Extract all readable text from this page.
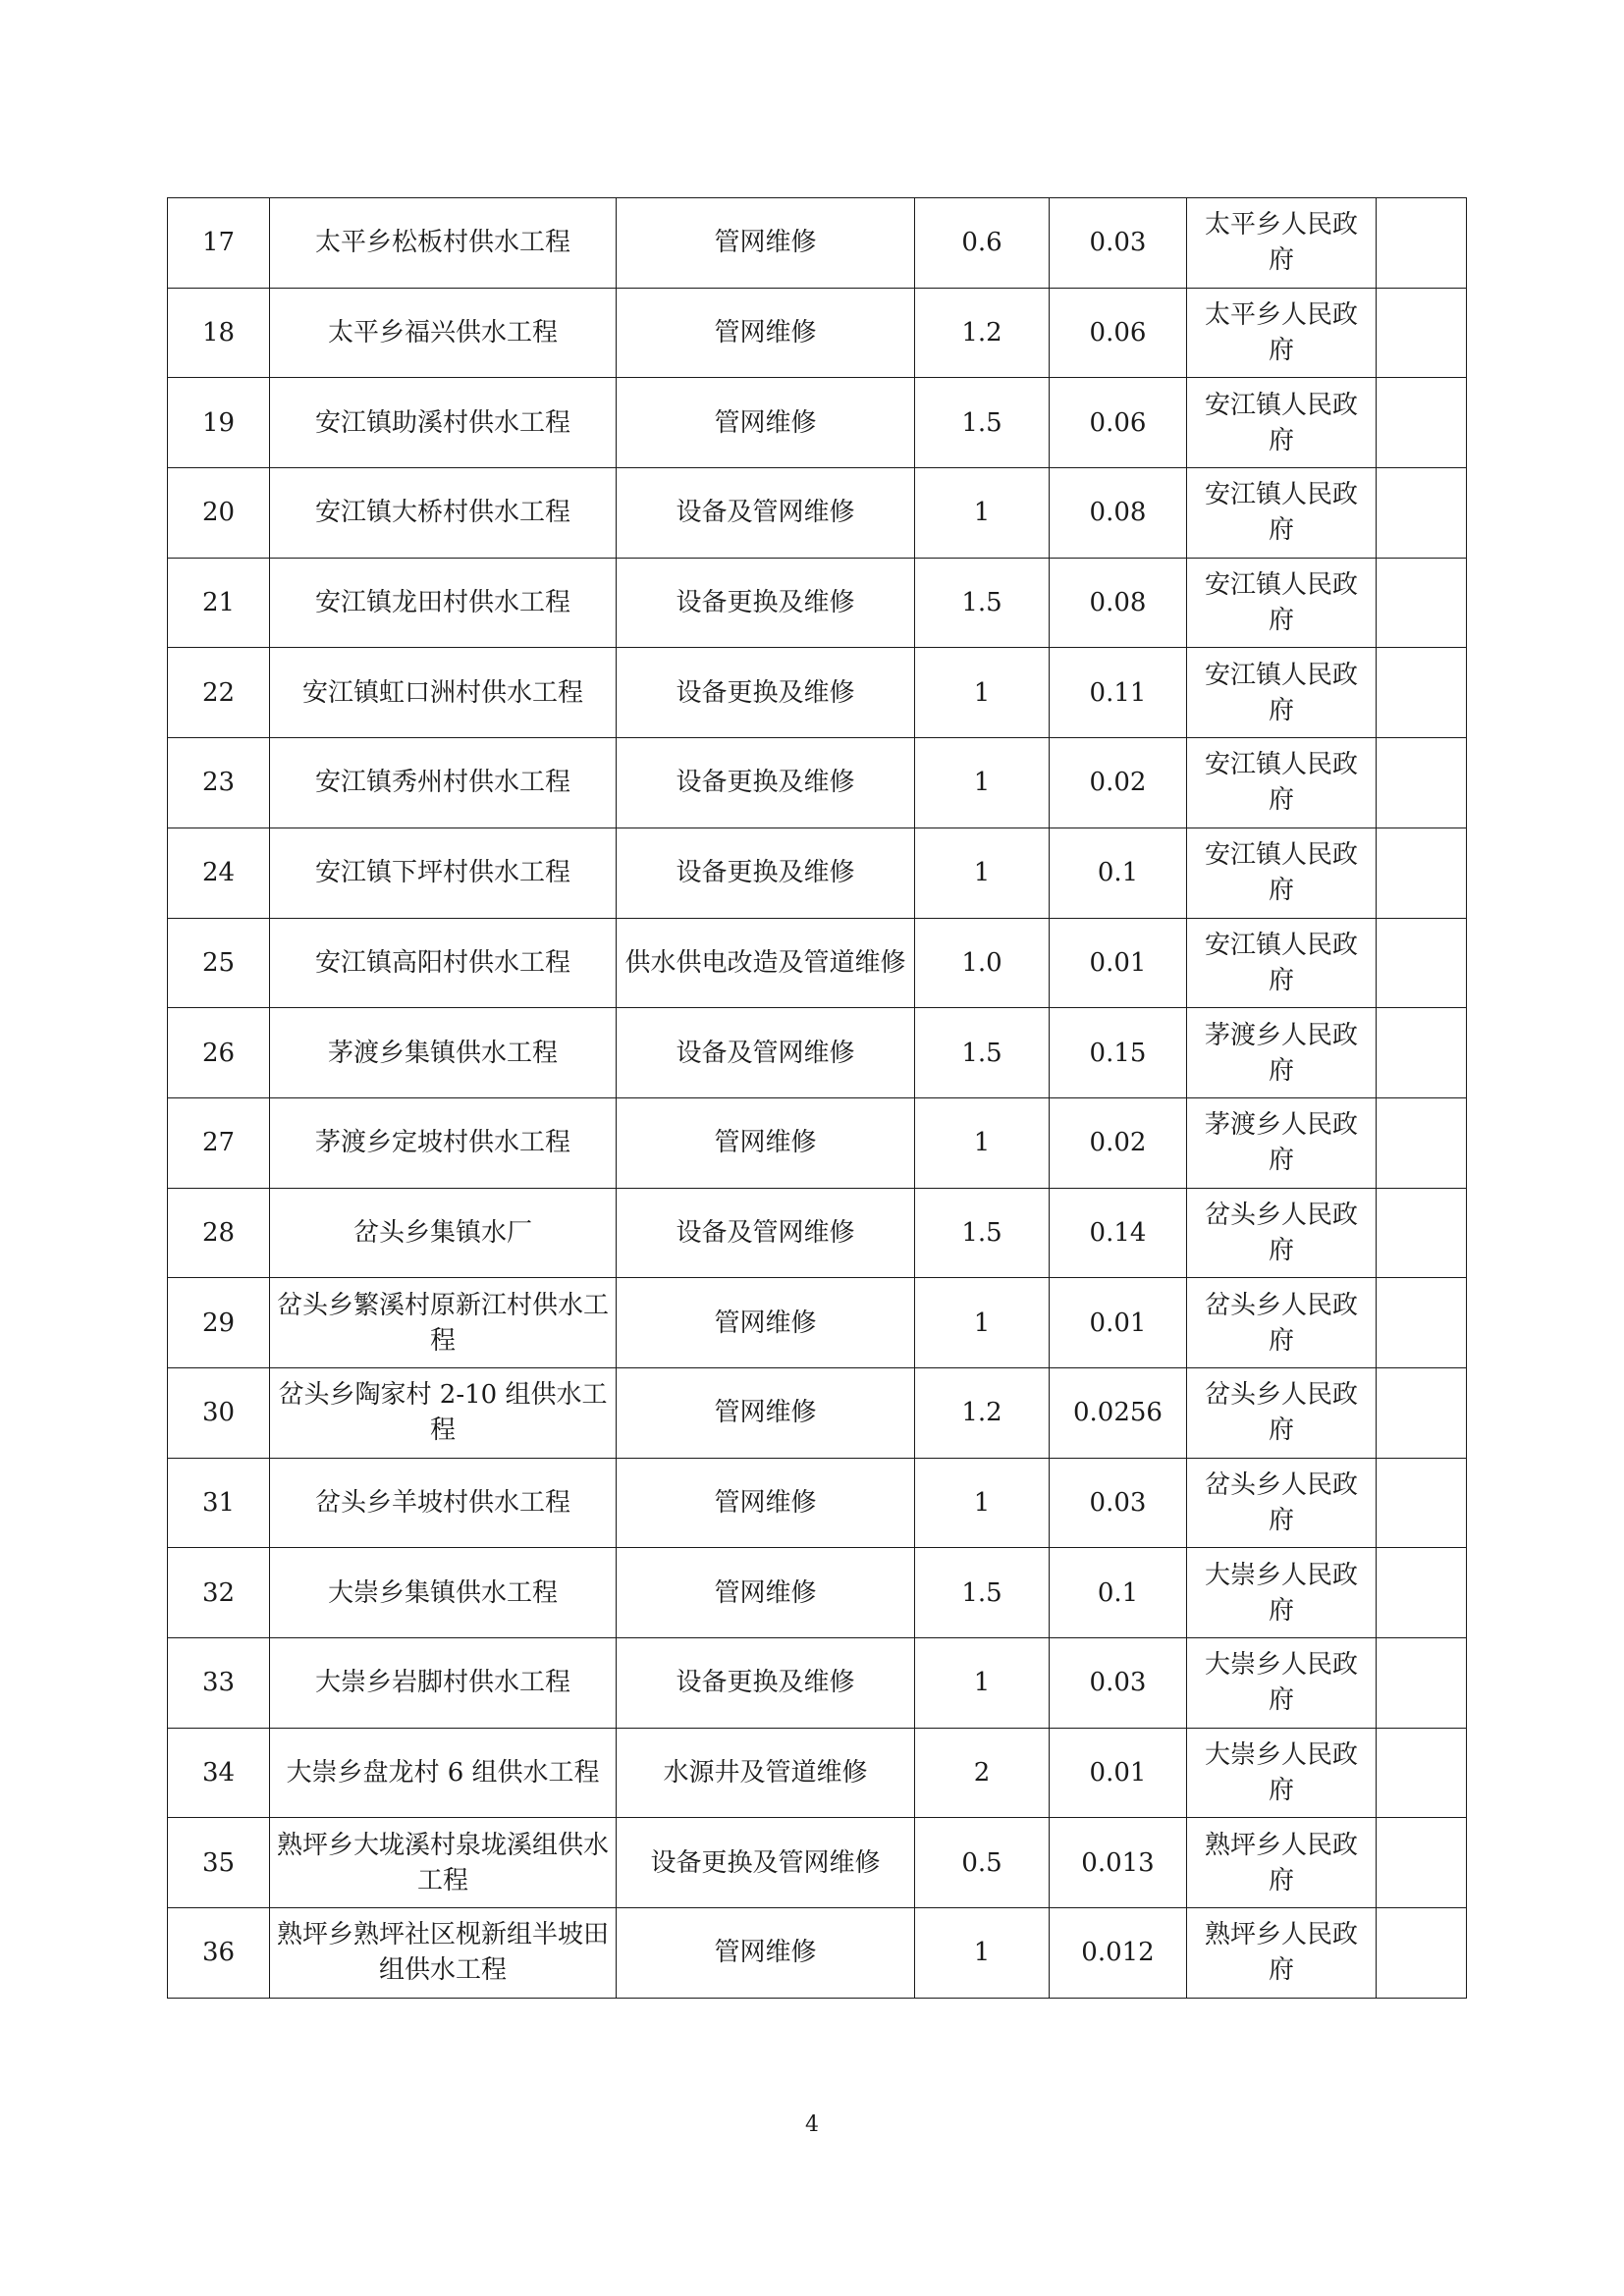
17	太平乡松板村供水工程	管网维修	0.6	0.03	太平乡人民政府	
18	太平乡福兴供水工程	管网维修	1.2	0.06	太平乡人民政府	
19	安江镇助溪村供水工程	管网维修	1.5	0.06	安江镇人民政府	
20	安江镇大桥村供水工程	设备及管网维修	1	0.08	安江镇人民政府	
21	安江镇龙田村供水工程	设备更换及维修	1.5	0.08	安江镇人民政府	
22	安江镇虹口洲村供水工程	设备更换及维修	1	0.11	安江镇人民政府	
23	安江镇秀州村供水工程	设备更换及维修	1	0.02	安江镇人民政府	
24	安江镇下坪村供水工程	设备更换及维修	1	0.1	安江镇人民政府	
25	安江镇高阳村供水工程	供水供电改造及管道维修	1.0	0.01	安江镇人民政府	
26	茅渡乡集镇供水工程	设备及管网维修	1.5	0.15	茅渡乡人民政府	
27	茅渡乡定坡村供水工程	管网维修	1	0.02	茅渡乡人民政府	
28	岔头乡集镇水厂	设备及管网维修	1.5	0.14	岔头乡人民政府	
29	岔头乡繁溪村原新江村供水工程	管网维修	1	0.01	岔头乡人民政府	
30	岔头乡陶家村 2-10 组供水工程	管网维修	1.2	0.0256	岔头乡人民政府	
31	岔头乡羊坡村供水工程	管网维修	1	0.03	岔头乡人民政府	
32	大崇乡集镇供水工程	管网维修	1.5	0.1	大崇乡人民政府	
33	大崇乡岩脚村供水工程	设备更换及维修	1	0.03	大崇乡人民政府	
34	大崇乡盘龙村 6 组供水工程	水源井及管道维修	2	0.01	大崇乡人民政府	
35	熟坪乡大垅溪村泉垅溪组供水工程	设备更换及管网维修	0.5	0.013	熟坪乡人民政府	
36	熟坪乡熟坪社区枧新组半坡田组供水工程	管网维修	1	0.012	熟坪乡人民政府	
4
